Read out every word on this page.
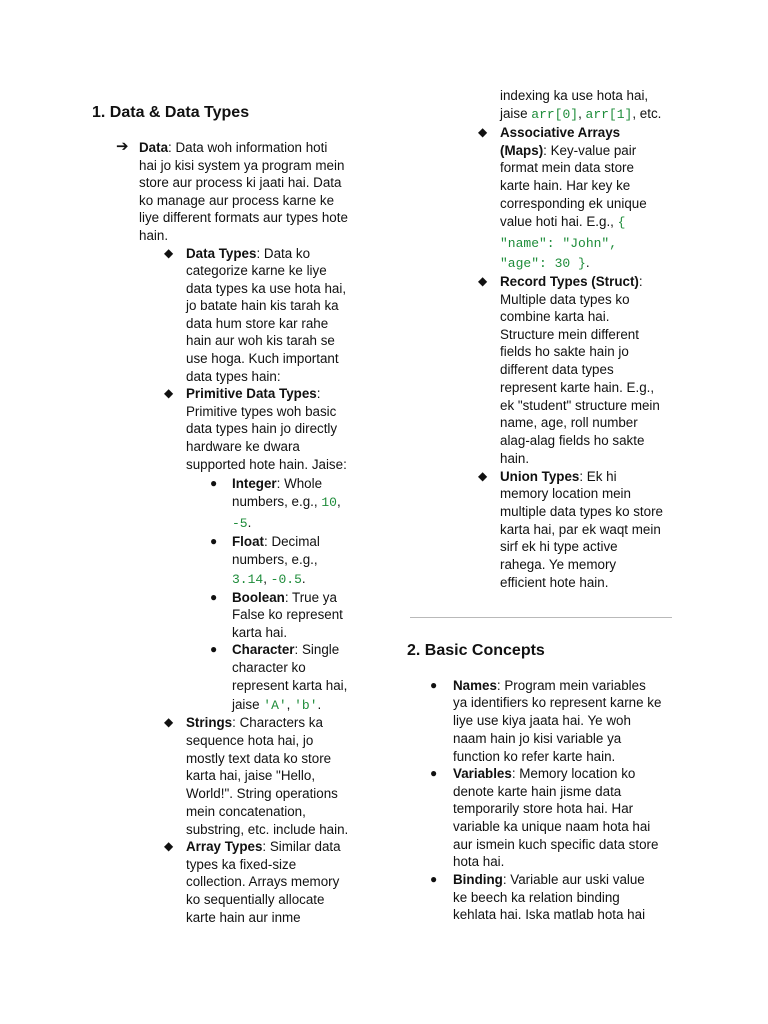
1. Data & Data Types
➔ Data: Data woh information hoti
hai jo kisi system ya program mein
store aur process ki jaati hai. Data
ko manage aur process karne ke
liye different formats aur types hote
hain.
◆ Data Types: Data ko
categorize karne ke liye
data types ka use hota hai,
jo batate hain kis tarah ka
data hum store kar rahe
hain aur woh kis tarah se
use hoga. Kuch important
data types hain:
◆ Primitive Data Types:
Primitive types woh basic
data types hain jo directly
hardware ke dwara
supported hote hain. Jaise:
● Integer: Whole
numbers, e.g., 10,
-5.
● Float: Decimal
numbers, e.g.,
3.14, -0.5.
● Boolean: True ya
False ko represent
karta hai.
● Character: Single
character ko
represent karta hai,
jaise 'A', 'b'.
◆ Strings: Characters ka
sequence hota hai, jo
mostly text data ko store
karta hai, jaise "Hello,
World!". String operations
mein concatenation,
substring, etc. include hain.
◆ Array Types: Similar data
types ka fixed-size
collection. Arrays memory
ko sequentially allocate
karte hain aur inme
indexing ka use hota hai,
jaise arr[0], arr[1], etc.
◆ Associative Arrays
(Maps): Key-value pair
format mein data store
karte hain. Har key ke
corresponding ek unique
value hoti hai. E.g., {
"name": "John",
"age": 30 }.
◆ Record Types (Struct):
Multiple data types ko
combine karta hai.
Structure mein different
fields ho sakte hain jo
different data types
represent karte hain. E.g.,
ek "student" structure mein
name, age, roll number
alag-alag fields ho sakte
hain.
◆ Union Types: Ek hi
memory location mein
multiple data types ko store
karta hai, par ek waqt mein
sirf ek hi type active
rahega. Ye memory
efficient hote hain.
2. Basic Concepts
● Names: Program mein variables
ya identifiers ko represent karne ke
liye use kiya jaata hai. Ye woh
naam hain jo kisi variable ya
function ko refer karte hain.
● Variables: Memory location ko
denote karte hain jisme data
temporarily store hota hai. Har
variable ka unique naam hota hai
aur ismein kuch specific data store
hota hai.
● Binding: Variable aur uski value
ke beech ka relation binding
kehlata hai. Iska matlab hota hai
